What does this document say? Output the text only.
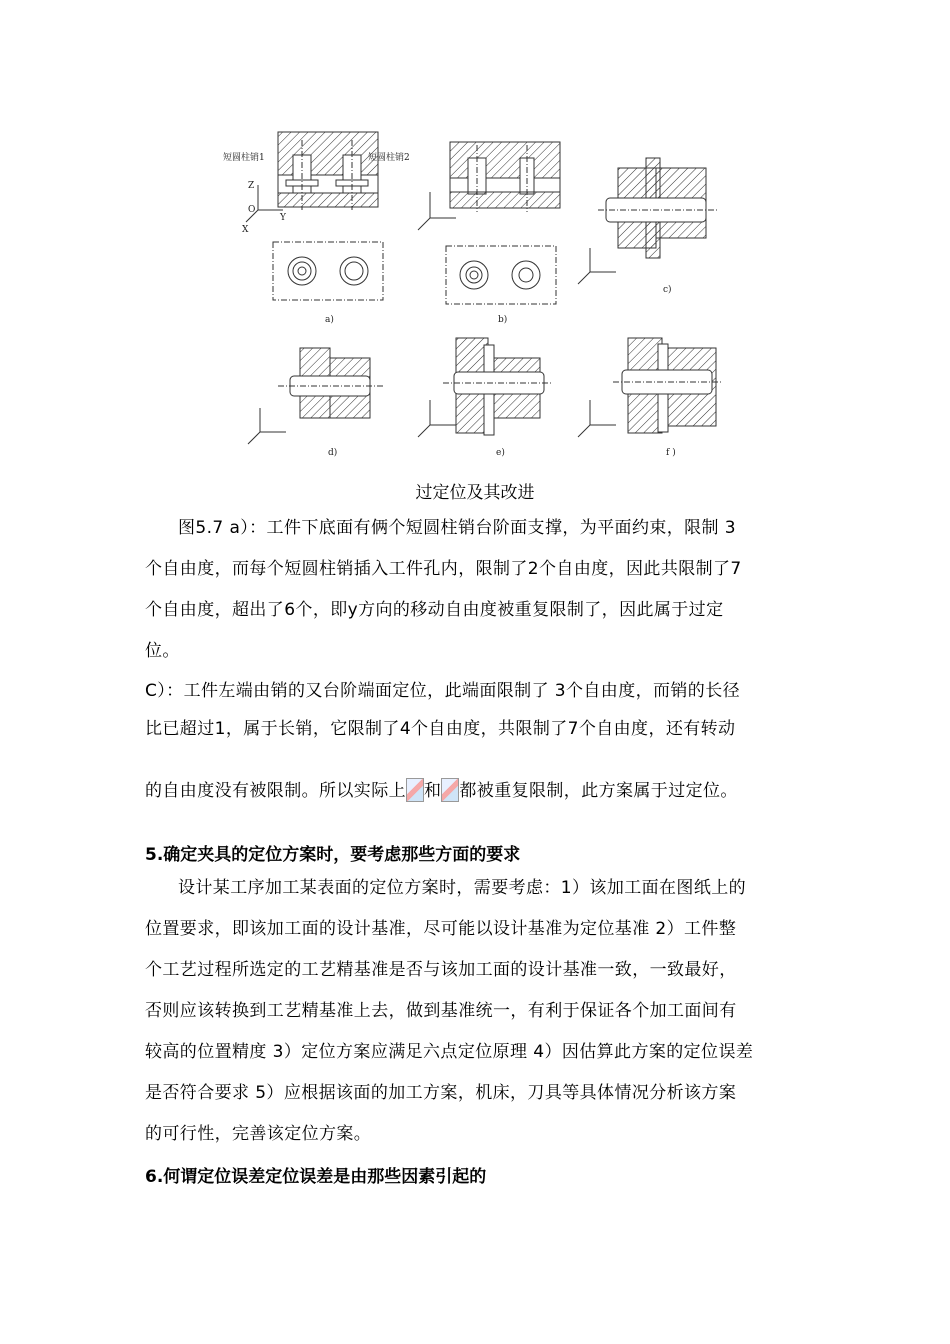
短圆柱销1	短圆柱销2
Z
O
Y
X
a)	b)
c)
d)	e)	f )
过定位及其改进
图5.7 a）：工件下底面有俩个短圆柱销台阶面支撑，为平面约束，限制 3
个自由度，而每个短圆柱销插入工件孔内，限制了2个自由度，因此共限制了7
个自由度，超出了6个，即y方向的移动自由度被重复限制了，因此属于过定
位。
C）：工件左端由销的又台阶端面定位，此端面限制了 3个自由度，而销的长径
比已超过1，属于长销，它限制了4个自由度，共限制了7个自由度，还有转动
的自由度没有被限制。所以实际上 和 都被重复限制，此方案属于过定位。
5.确定夹具的定位方案时，要考虑那些方面的要求
设计某工序加工某表面的定位方案时，需要考虑：1）该加工面在图纸上的
位置要求，即该加工面的设计基准，尽可能以设计基准为定位基准 2）工件整
个工艺过程所选定的工艺精基准是否与该加工面的设计基准一致，一致最好，
否则应该转换到工艺精基准上去，做到基准统一，有利于保证各个加工面间有
较高的位置精度 3）定位方案应满足六点定位原理 4）因估算此方案的定位误差
是否符合要求 5）应根据该面的加工方案，机床，刀具等具体情况分析该方案
的可行性，完善该定位方案。
6.何谓定位误差定位误差是由那些因素引起的
